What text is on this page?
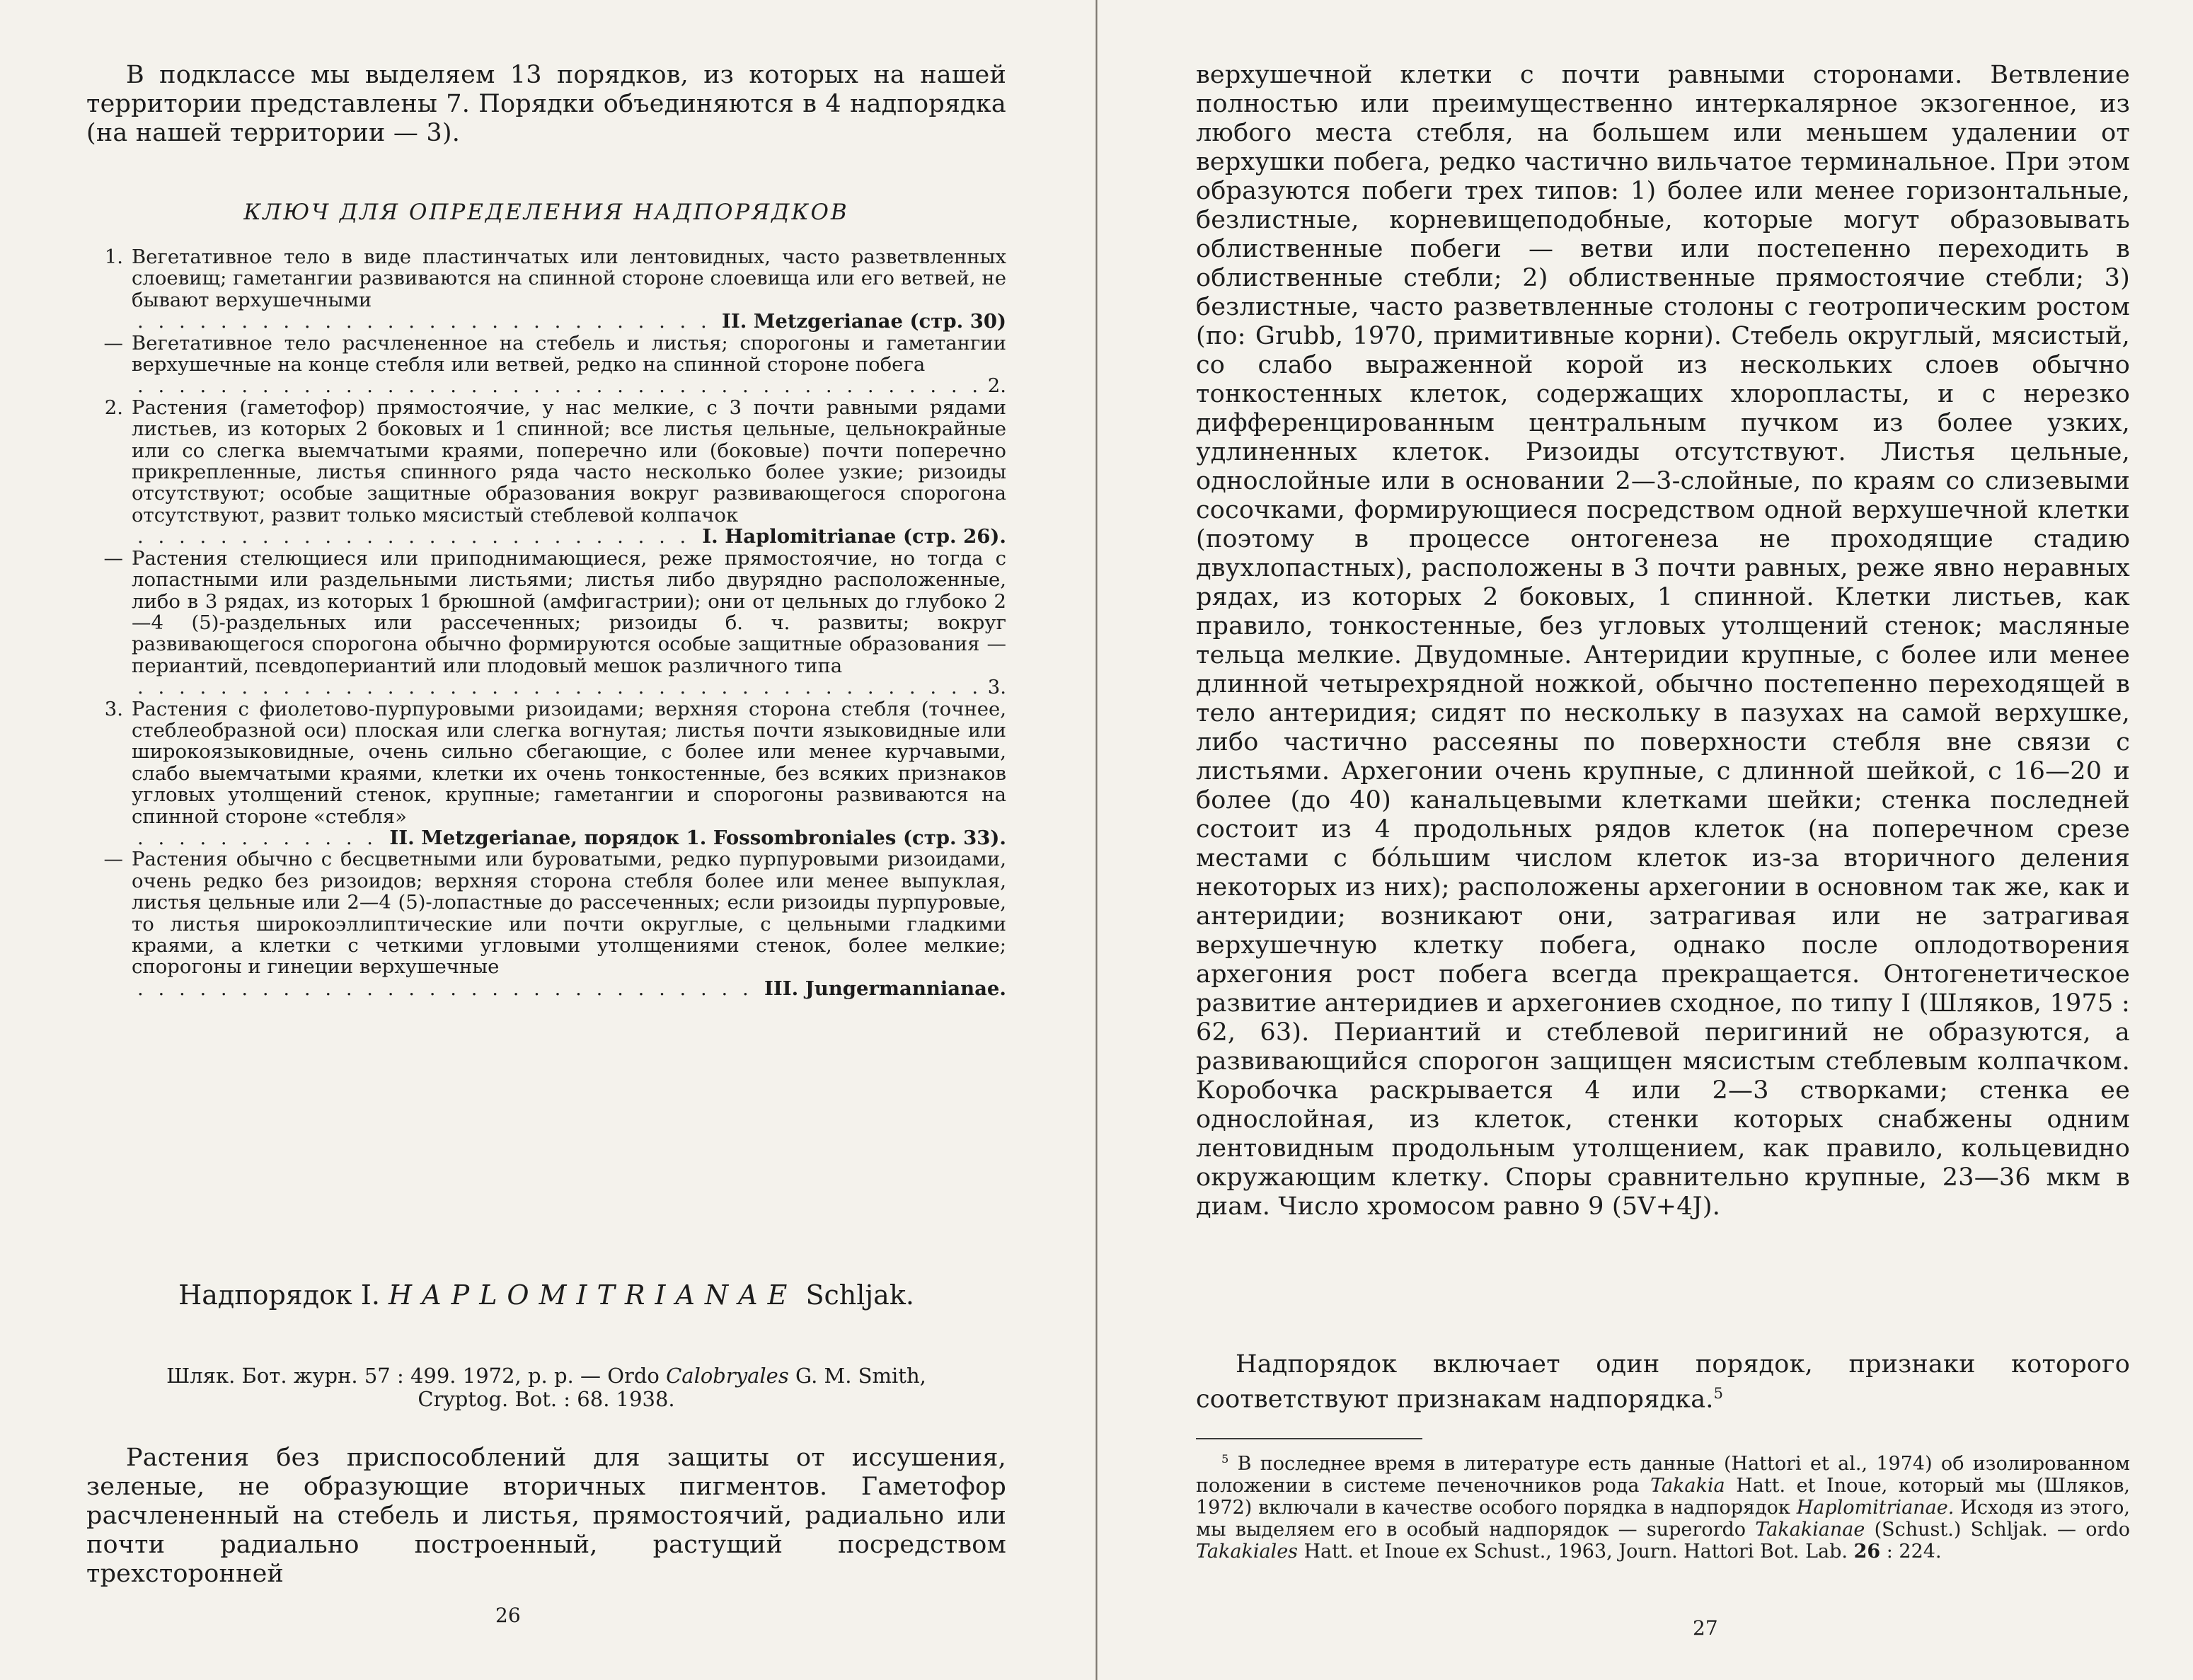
В подклассе мы выделяем 13 порядков, из которых на нашей территории представлены 7. Порядки объединяются в 4 надпорядка (на нашей территории — 3).

КЛЮЧ ДЛЯ ОПРЕДЕЛЕНИЯ НАДПОРЯДКОВ
1. Вегетативное тело в виде пластинчатых или лентовидных, часто разветвленных слоевищ; гаметангии развиваются на спинной стороне слоевища или его ветвей, не бывают верхушечными
. . .
II. Metzgerianae (стр. 30)
— Вегетативное тело расчлененное на стебель и листья; спорогоны и гаметангии верхушечные на конце стебля или ветвей, редко на спинной стороне побега
. . .
2.
2. Растения (гаметофор) прямостоячие, у нас мелкие, с 3 почти равными рядами листьев, из которых 2 боковых и 1 спинной; все листья цельные, цельнокрайные или со слегка выемчатыми краями, поперечно или (боковые) почти поперечно прикрепленные, листья спинного ряда часто несколько более узкие; ризоиды отсутствуют; особые защитные образования вокруг развивающегося спорогона отсутствуют, развит только мясистый стеблевой колпачок
. . .
I. Haplomitrianae (стр. 26).
— Растения стелющиеся или приподнимающиеся, реже прямостоячие, но тогда с лопастными или раздельными листьями; листья либо двурядно расположенные, либо в 3 рядах, из которых 1 брюшной (амфигастрии); они от цельных до глубоко 2—4 (5)-раздельных или рассеченных; ризоиды б. ч. развиты; вокруг развивающегося спорогона обычно формируются особые защитные образования — периантий, псевдопериантий или плодовый мешок различного типа
. . .
3.
3. Растения с фиолетово-пурпуровыми ризоидами; верхняя сторона стебля (точнее, стеблеобразной оси) плоская или слегка вогнутая; листья почти языковидные или широкоязыковидные, очень сильно сбегающие, с более или менее курчавыми, слабо выемчатыми краями, клетки их очень тонкостенные, без всяких признаков угловых утолщений стенок, крупные; гаметангии и спорогоны развиваются на спинной стороне «стебля»
. . .
II. Metzgerianae, порядок 1. Fossombroniales (стр. 33).
— Растения обычно с бесцветными или буроватыми, редко пурпуровыми ризоидами, очень редко без ризоидов; верхняя сторона стебля более или менее выпуклая, листья цельные или 2—4 (5)-лопастные до рассеченных; если ризоиды пурпуровые, то листья широкоэллиптические или почти округлые, с цельными гладкими краями, а клетки с четкими угловыми утолщениями стенок, более мелкие; спорогоны и гинеции верхушечные
. . .
III. Jungermannianae.
Надпорядок I. HAPLOMITRIANAE Schljak.
Шляк. Бот. журн. 57 : 499. 1972, p. p. — Ordo Calobryales G. M. Smith,
Cryptog. Bot. : 68. 1938.

Растения без приспособлений для защиты от иссушения, зеленые, не образующие вторичных пигментов. Гаметофор расчлененный на стебель и листья, прямостоячий, радиально или почти радиально построенный, растущий посредством трехсторонней

26

верхушечной клетки с почти равными сторонами. Ветвление полностью или преимущественно интеркалярное экзогенное, из любого места стебля, на большем или меньшем удалении от верхушки побега, редко частично вильчатое терминальное. При этом образуются побеги трех типов: 1) более или менее горизонтальные, безлистные, корневищеподобные, которые могут образовывать облиственные побеги — ветви или постепенно переходить в облиственные стебли; 2) облиственные прямостоячие стебли; 3) безлистные, часто разветвленные столоны с геотропическим ростом (по: Grubb, 1970, примитивные корни). Стебель округлый, мясистый, со слабо выраженной корой из нескольких слоев обычно тонкостенных клеток, содержащих хлоропласты, и с нерезко дифференцированным центральным пучком из более узких, удлиненных клеток. Ризоиды отсутствуют. Листья цельные, однослойные или в основании 2—3-слойные, по краям со слизевыми сосочками, формирующиеся посредством одной верхушечной клетки (поэтому в процессе онтогенеза не проходящие стадию двухлопастных), расположены в 3 почти равных, реже явно неравных рядах, из которых 2 боковых, 1 спинной. Клетки листьев, как правило, тонкостенные, без угловых утолщений стенок; масляные тельца мелкие. Двудомные. Антеридии крупные, с более или менее длинной четырехрядной ножкой, обычно постепенно переходящей в тело антеридия; сидят по нескольку в пазухах на самой верхушке, либо частично рассеяны по поверхности стебля вне связи с листьями. Архегонии очень крупные, с длинной шейкой, с 16—20 и более (до 40) канальцевыми клетками шейки; стенка последней состоит из 4 продольных рядов клеток (на поперечном срезе местами с бо́льшим числом клеток из-за вторичного деления некоторых из них); расположены архегонии в основном так же, как и антеридии; возникают они, затрагивая или не затрагивая верхушечную клетку побега, однако после оплодотворения архегония рост побега всегда прекращается. Онтогенетическое развитие антеридиев и архегониев сходное, по типу I (Шляков, 1975 : 62, 63). Периантий и стеблевой перигиний не образуются, а развивающийся спорогон защищен мясистым стеблевым колпачком. Коробочка раскрывается 4 или 2—3 створками; стенка ее однослойная, из клеток, стенки которых снабжены одним лентовидным продольным утолщением, как правило, кольцевидно окружающим клетку. Споры сравнительно крупные, 23—36 мкм в диам. Число хромосом равно 9 (5V+4J).

Надпорядок включает один порядок, признаки которого соответствуют признакам надпорядка.$^5$

$^5$ В последнее время в литературе есть данные (Hattori et al., 1974) об изолированном положении в системе печеночников рода Takakia Hatt. et Inoue, который мы (Шляков, 1972) включали в качестве особого порядка в надпорядок Haplomitrianae. Исходя из этого, мы выделяем его в особый надпорядок — superordo Takakianae (Schust.) Schljak. — ordo Takakiales Hatt. et Inoue ex Schust., 1963, Journ. Hattori Bot. Lab. 26 : 224.
27
